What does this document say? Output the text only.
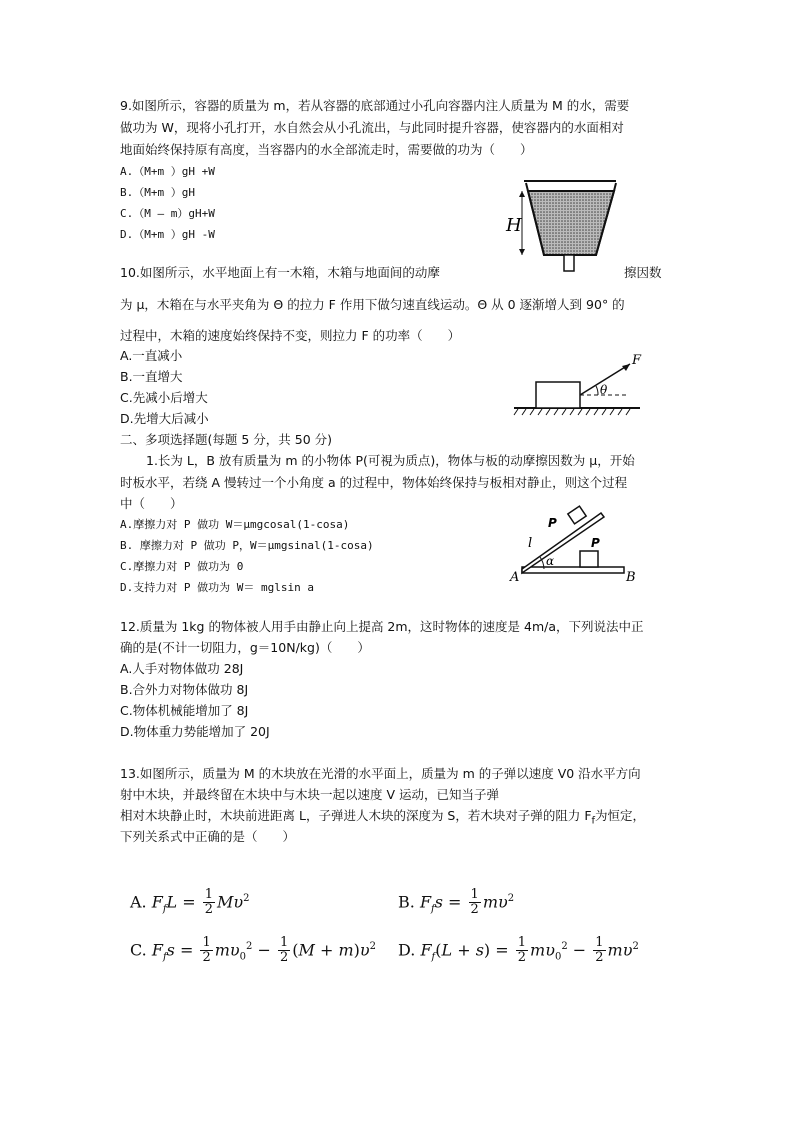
9.如图所示，容器的质量为 m，若从容器的底部通过小孔向容器内注人质量为 M 的水，需要
做功为 W，现将小孔打开，水自然会从小孔流出，与此同时提升容器，使容器内的水面相对
地面始终保持原有高度，当容器内的水全部流走时，需要做的功为（　　）
A.（M+m ）gH +W
B.（M+m ）gH
C.（M — m）gH+W
D.（M+m ）gH -W	H
10.如图所示，水平地面上有一木箱，木箱与地面间的动摩	擦因数
为 μ，木箱在与水平夹角为 Θ 的拉力 F 作用下做匀速直线运动。Θ 从 0 逐渐增人到 90° 的
过程中，木箱的速度始终保持不变，则拉力 F 的功率（　　）
A.一直减小
B.一直增大
C.先减小后增大
D.先增大后减小
θ
F
二、多项选择题(每题 5 分，共 50 分)
1.长为 L，B 放有质量为 m 的小物体 P(可視为质点)，物体与板的动摩擦因数为 μ，开始
时板水平，若绕 A 慢转过一个小角度 a 的过程中，物体始终保持与板相对静止，则这个过程
中（　　）
A.摩擦力对 P 做功 W＝μmgcosal(1-cosa)
B. 摩擦力对 P 做功 P，W＝μmgsinal(1-cosa)
C.摩擦力对 P 做功为 0
D.支持力对 P 做功为 W＝ mglsin a
α
l
P
P
A	B
12.质量为 1kg 的物体被人用手由静止向上提高 2m，这时物体的速度是 4m/a，下列说法中正
确的是(不计一切阻力，g＝10N/kg)（　　）
A.人手对物体做功 28J
B.合外力对物体做功 8J
C.物体机械能增加了 8J
D.物体重力势能增加了 20J
13.如图所示，质量为 M 的木块放在光滑的水平面上，质量为 m 的子弹以速度 V0 沿水平方向
射中木块，并最终留在木块中与木块一起以速度 V 运动，已知当子弹
相对木块静止时，木块前进距离 L，子弹进人木块的深度为 S，若木块对子弹的阻力 $F_f$为恒定，
下列关系式中正确的是（　　）
A. $F_fL = \frac{1}{2} M\upsilon^2$	B. $F_fs = \frac{1}{2} m\upsilon^2$
C. $F_fs = \frac{1}{2} m\upsilon_0^2 - \frac{1}{2} (M + m)\upsilon^2$ D. $F_f(L + s) = \frac{1}{2} m\upsilon_0^2 - \frac{1}{2} m\upsilon^2$
